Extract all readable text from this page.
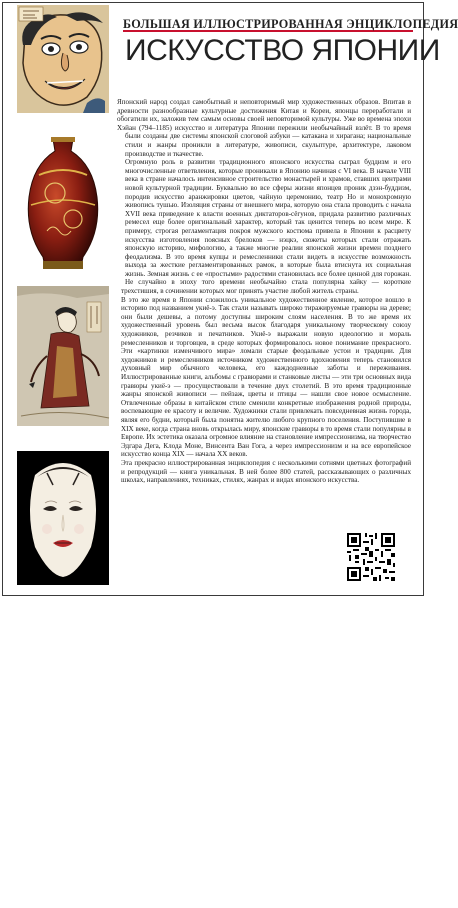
БОЛЬШАЯ ИЛЛЮСТРИРОВАННАЯ ЭНЦИКЛОПЕДИЯ

ИСКУССТВО ЯПОНИИ

Японский народ создал самобытный и неповторимый мир художественных образов. Впитав в древности разнообразные культурные достижения Китая и Кореи, японцы переработали и обогатили их, заложив тем самым основы своей неповторимой культуры. Уже во времена эпохи Хэйан (794–1185) искусство и литература Японии пережили необычайный взлёт. В то время были созданы две системы японской слоговой азбуки — катакана и хирагана; национальные стили и жанры проникли в литературе, живописи, скульптуре, архитектуре, лаковом производстве и ткачестве.

Огромную роль в развитии традиционного японского искусства сыграл буддизм и его многочисленные ответвления, которые проникали в Японию начиная с VI века. В начале VIII века в стране началось интенсивное строительство монастырей и храмов, ставших центрами новой культурной традиции. Буквально во все сферы жизни японцев проник дзэн-буддизм, породив искусство аранжировки цветов, чайную церемонию, театр Но и монохромную живопись тушью. Изоляция страны от внешнего мира, которую она стала проводить с начала XVII века приведение к власти военных диктаторов-сёгунов, придала развитию различных ремесел еще более оригинальный характер, который так ценится теперь во всем мире. К примеру, строгая регламентация покроя мужского костюма привела в Японии к расцвету искусства изготовления поясных брелоков — нэцкэ, сюжеты которых стали отражать японскую историю, мифологию, а также многие реалии японской жизни времен позднего феодализма. В это время купцы и ремесленники стали видеть в искусстве возможность выхода за жесткие регламентированных рамок, в которые была втиснута их социальная жизнь. Земная жизнь с ее «простыми» радостями становилась все более ценной для горожан. Не случайно в эпоху того времени необычайно стала популярна хайку — короткие трехстишия, в сочинении которых мог принять участие любой житель страны.

В это же время в Японии сложилось уникальное художественное явление, которое вошло в историю под названием укиё-э. Так стали называть широко тиражируемые гравюры на дереве; они были дешевы, а потому доступны широким слоям населения. В то же время их художественный уровень был весьма высок благодаря уникальному творческому союзу художников, резчиков и печатников. Укиё-э выражали новую идеологию и мораль ремесленников и торговцев, в среде которых формировалось новое понимание прекрасного. Эти «картинки изменчивого мира» ломали старые феодальные устои и традиции. Для художников и ремесленников источником художественного вдохновения теперь становился духовный мир обычного человека, его каждодневные заботы и переживания. Иллюстрированные книги, альбомы с гравюрами и станковые листы — эти три основных вида гравюры укиё-э — просуществовали в течение двух столетий. В это время традиционные жанры японской живописи — пейзаж, цветы и птицы — нашли свое новое осмысление. Отвлеченные образы в китайском стиле сменили конкретные изображения родной природы, воспевающие ее красоту и величие. Художники стали привлекать повседневная жизнь города, являя его будни, который была понятна жителю любого крупного поселения. Поступившие в XIX веке, когда страна вновь открылась миру, японские гравюры в то время стали популярны в Европе. Их эстетика оказала огромное влияние на становление импрессионизма, на творчество Эдгара Дега, Клода Моне, Винсента Ван Гога, а через импрессионизм и на все европейское искусство конца XIX — начала XX веков.

Эта прекрасно иллюстрированная энциклопедия с несколькими сотнями цветных фотографий и репродукций — книга уникальная. В ней более 800 статей, рассказывающих о различных школах, направлениях, техниках, стилях, жанрах и видах японского искусства.
